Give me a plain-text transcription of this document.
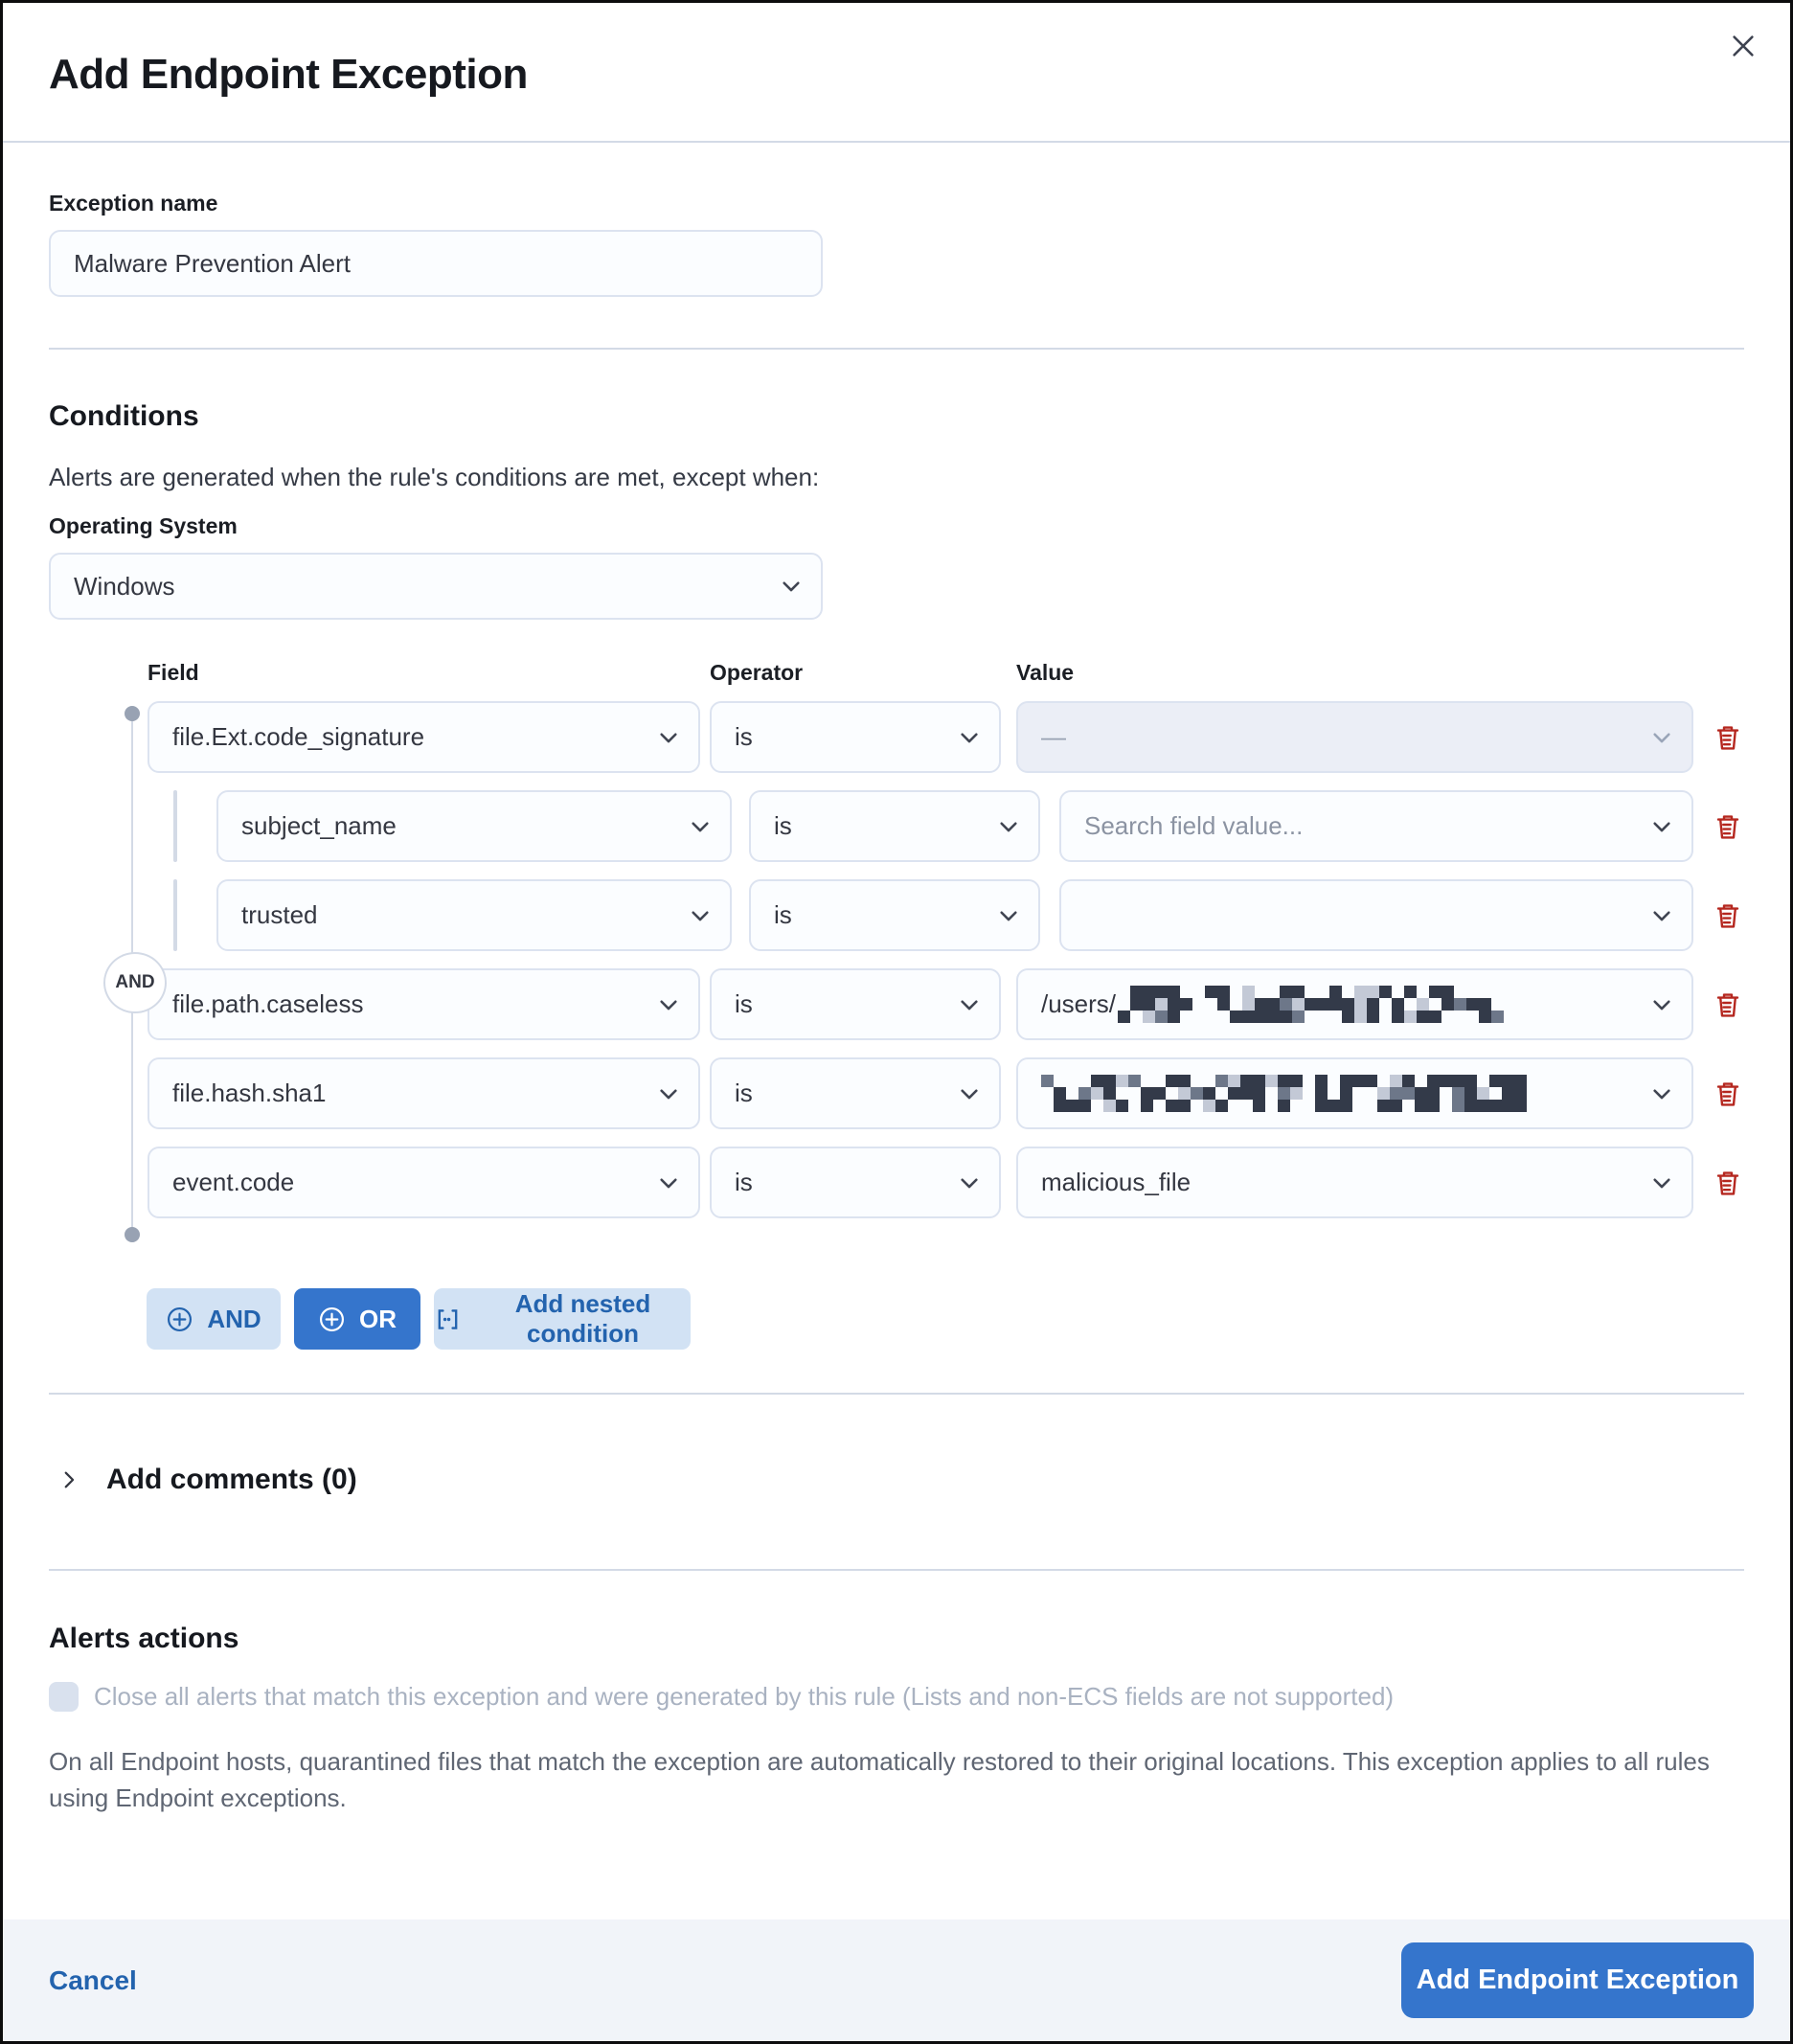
Add Endpoint Exception
Exception name
Malware Prevention Alert
Conditions
Alerts are generated when the rule's conditions are met, except when:
Operating System
Windows
AND
Field	Operator	Value
file.Ext.code_signature	is	—
subject_name	is	Search field value...
trusted	is
file.path.caseless	is	/users/
file.hash.sha1	is
event.code	is	malicious_file
AND	OR
Add nested condition
Add comments (0)
Alerts actions
Close all alerts that match this exception and were generated by this rule (Lists and non-ECS fields are not supported)
On all Endpoint hosts, quarantined files that match the exception are automatically restored to their original locations. This exception applies to all rules using Endpoint exceptions.
Cancel	Add Endpoint Exception
